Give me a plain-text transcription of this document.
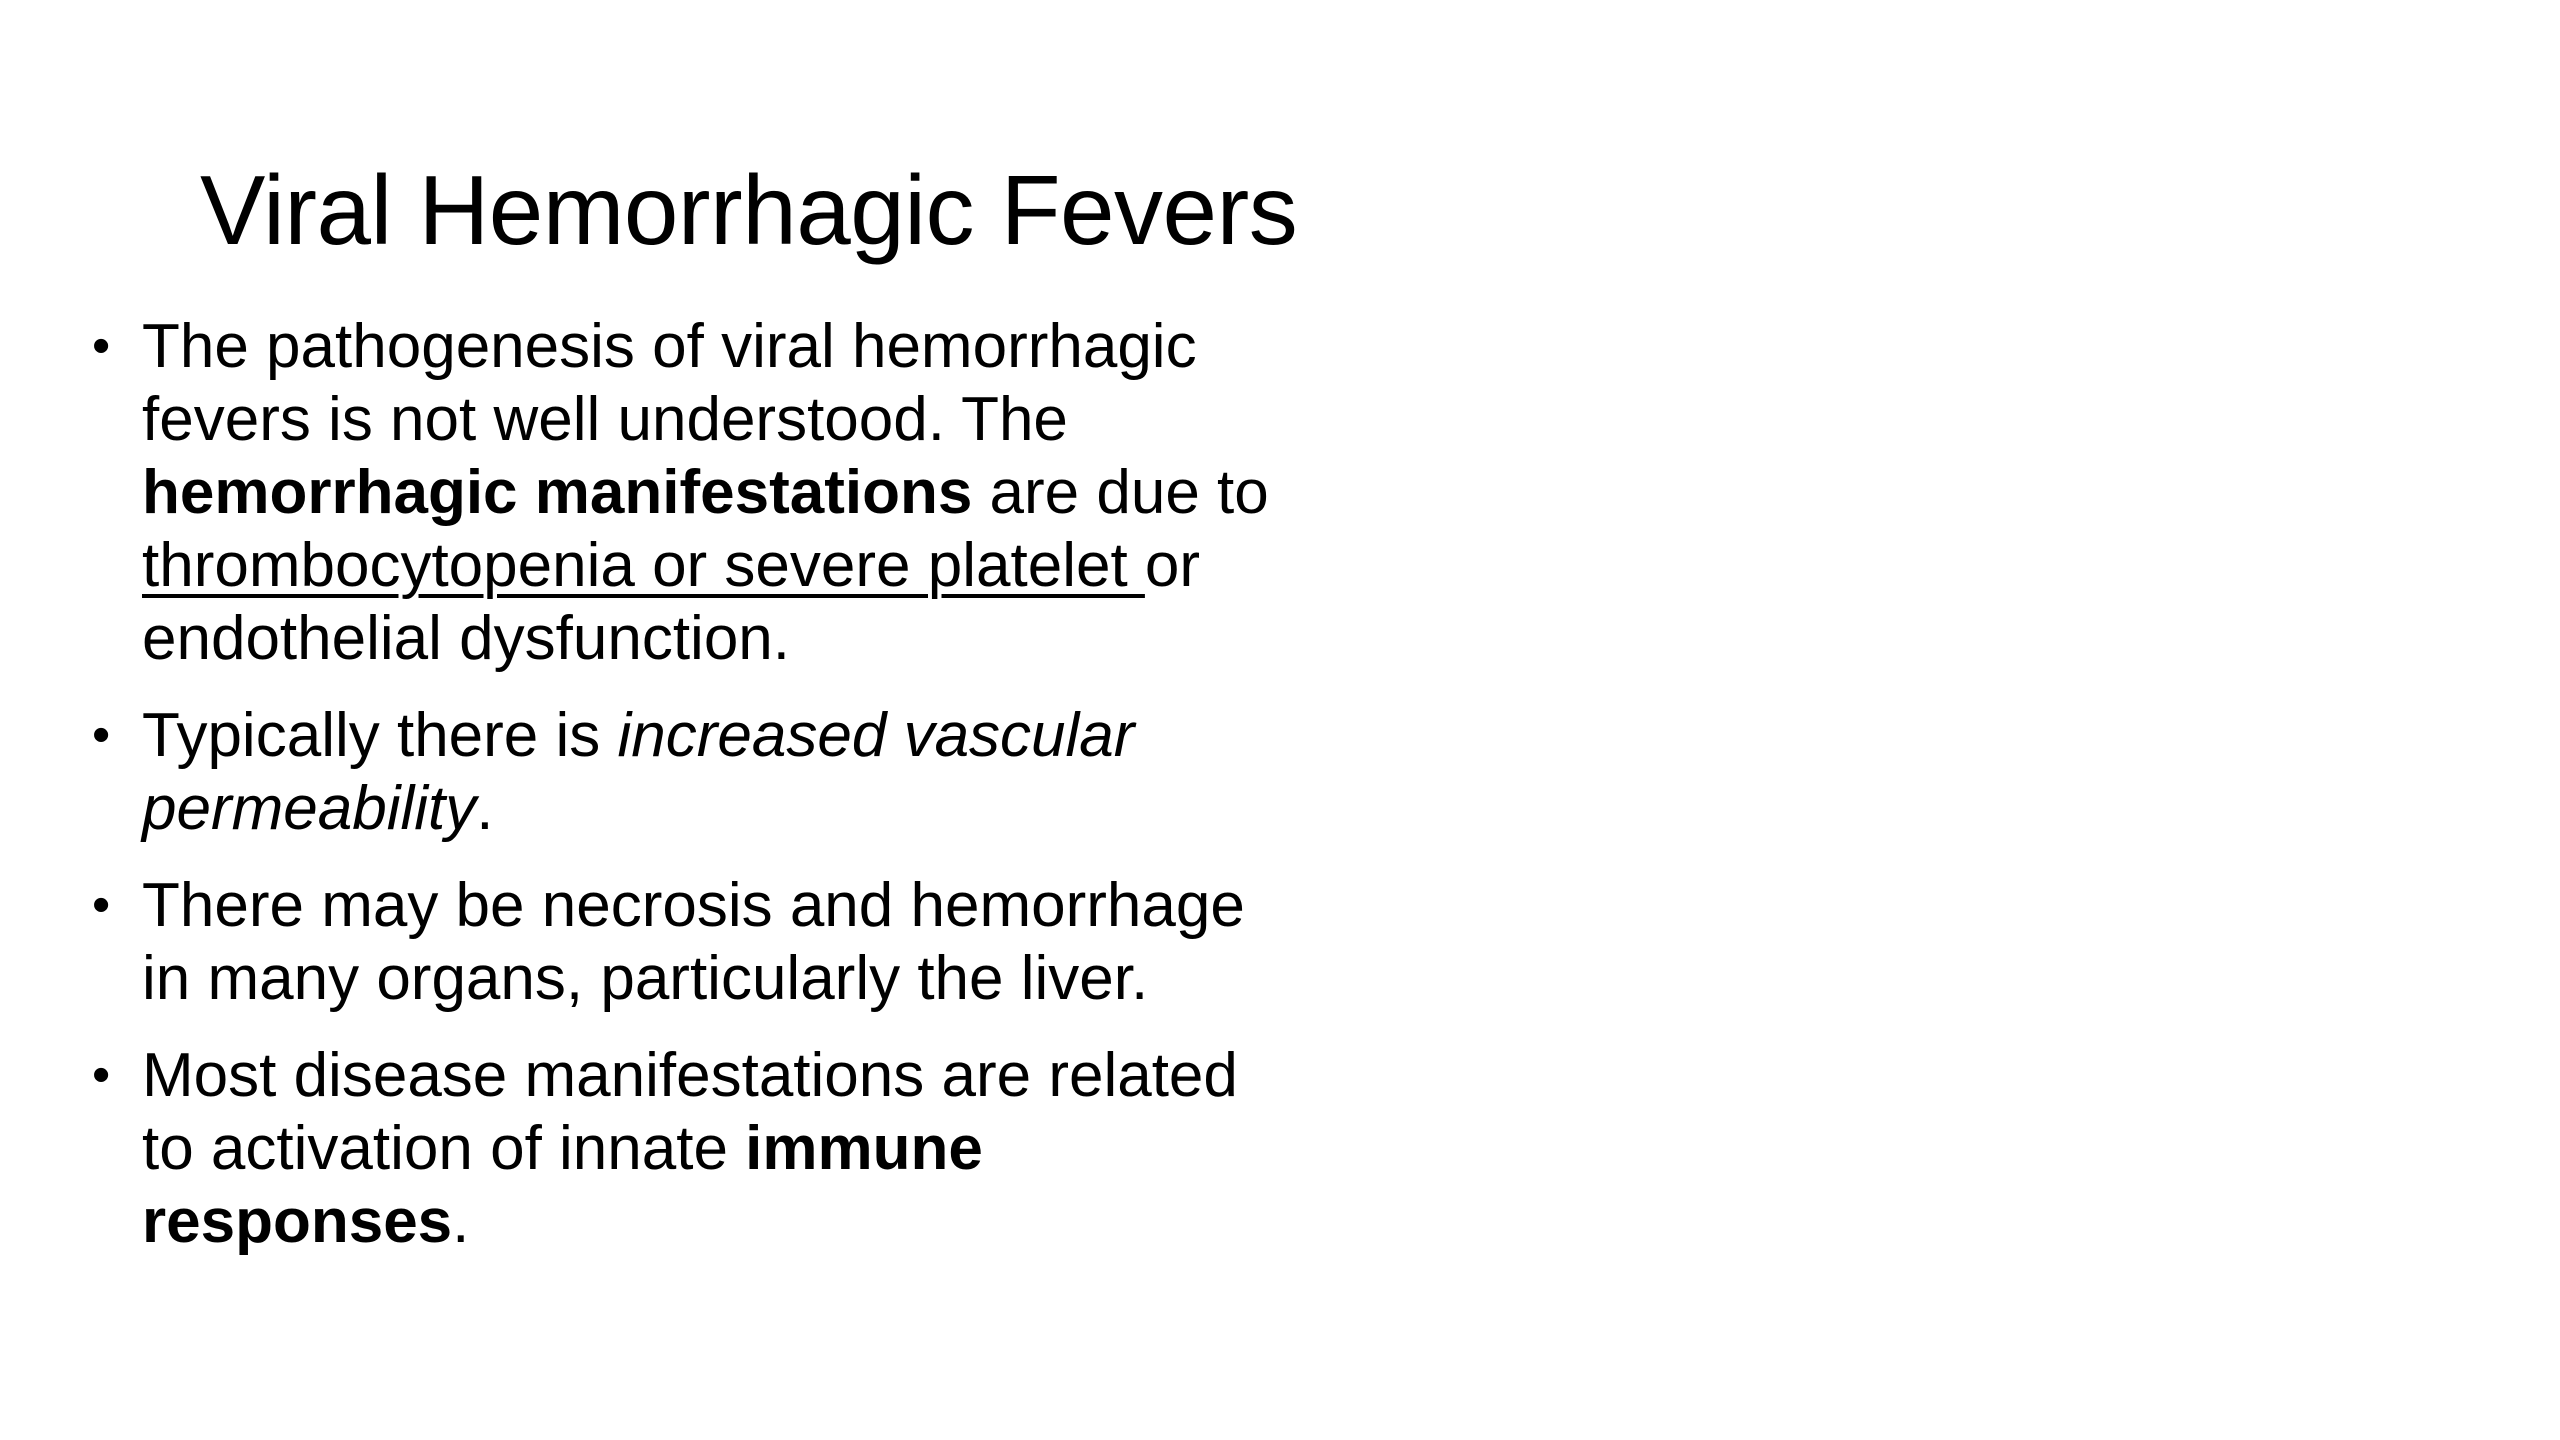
Viral Hemorrhagic Fevers
• The pathogenesis of viral hemorrhagic fevers is not well understood. The hemorrhagic manifestations are due to thrombocytopenia or severe platelet or endothelial dysfunction.
• Typically there is increased vascular permeability.
• There may be necrosis and hemorrhage in many organs, particularly the liver.
• Most disease manifestations are related to activation of innate immune responses.
